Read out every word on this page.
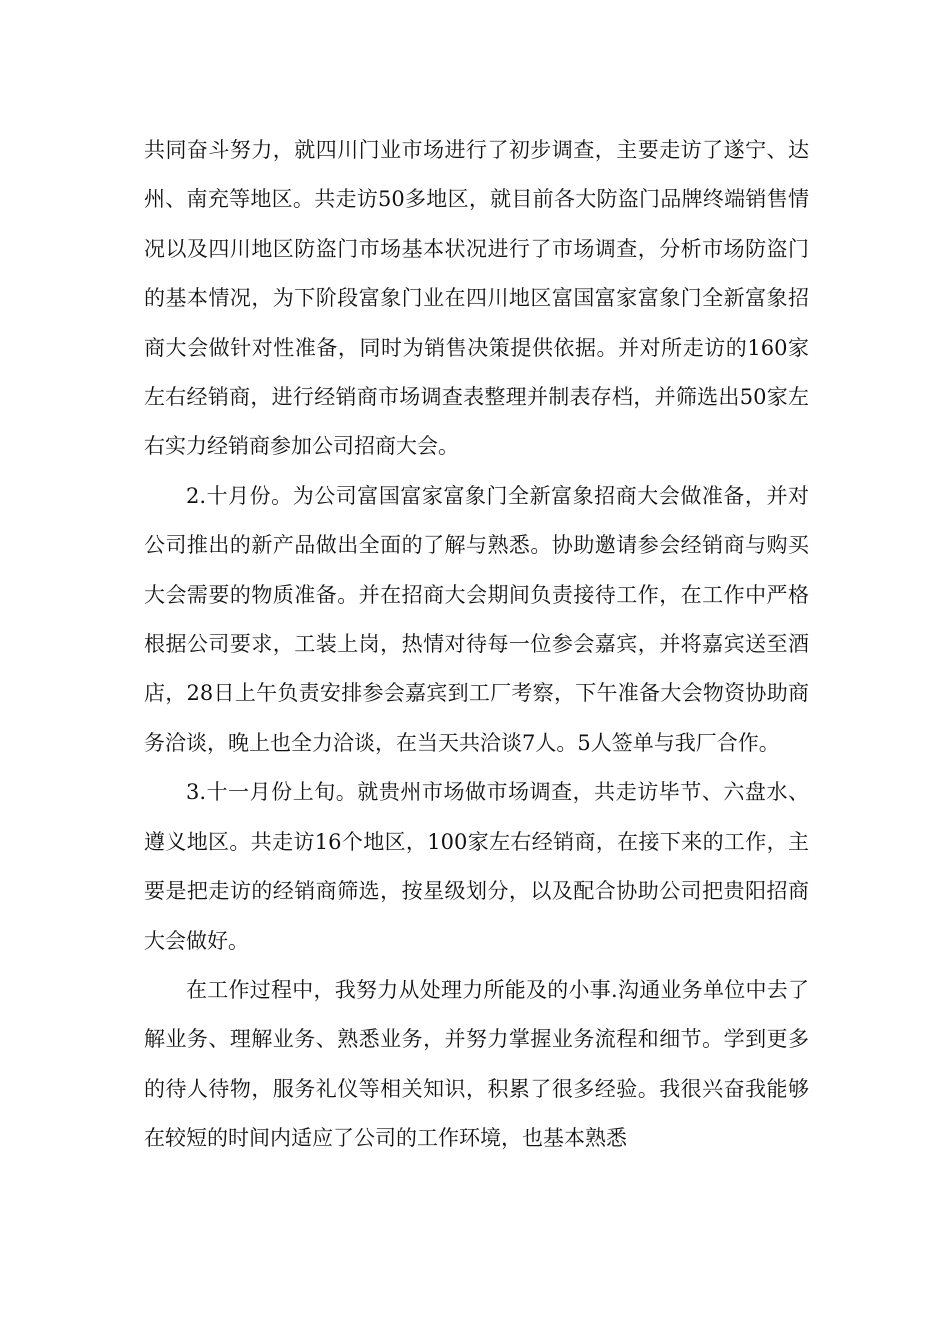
共同奋斗努力，就四川门业市场进行了初步调查，主要走访了遂宁、达州、南充等地区。共走访50多地区，就目前各大防盗门品牌终端销售情况以及四川地区防盗门市场基本状况进行了市场调查，分析市场防盗门的基本情况，为下阶段富象门业在四川地区富国富家富象门全新富象招商大会做针对性准备，同时为销售决策提供依据。并对所走访的160家左右经销商，进行经销商市场调查表整理并制表存档，并筛选出50家左右实力经销商参加公司招商大会。

2.十月份。为公司富国富家富象门全新富象招商大会做准备，并对公司推出的新产品做出全面的了解与熟悉。协助邀请参会经销商与购买大会需要的物质准备。并在招商大会期间负责接待工作，在工作中严格根据公司要求，工装上岗，热情对待每一位参会嘉宾，并将嘉宾送至酒店，28日上午负责安排参会嘉宾到工厂考察，下午准备大会物资协助商务洽谈，晚上也全力洽谈，在当天共洽谈7人。5人签单与我厂合作。

3.十一月份上旬。就贵州市场做市场调查，共走访毕节、六盘水、遵义地区。共走访16个地区，100家左右经销商，在接下来的工作，主要是把走访的经销商筛选，按星级划分，以及配合协助公司把贵阳招商大会做好。

在工作过程中，我努力从处理力所能及的小事.沟通业务单位中去了解业务、理解业务、熟悉业务，并努力掌握业务流程和细节。学到更多的待人待物，服务礼仪等相关知识，积累了很多经验。我很兴奋我能够在较短的时间内适应了公司的工作环境，也基本熟悉
